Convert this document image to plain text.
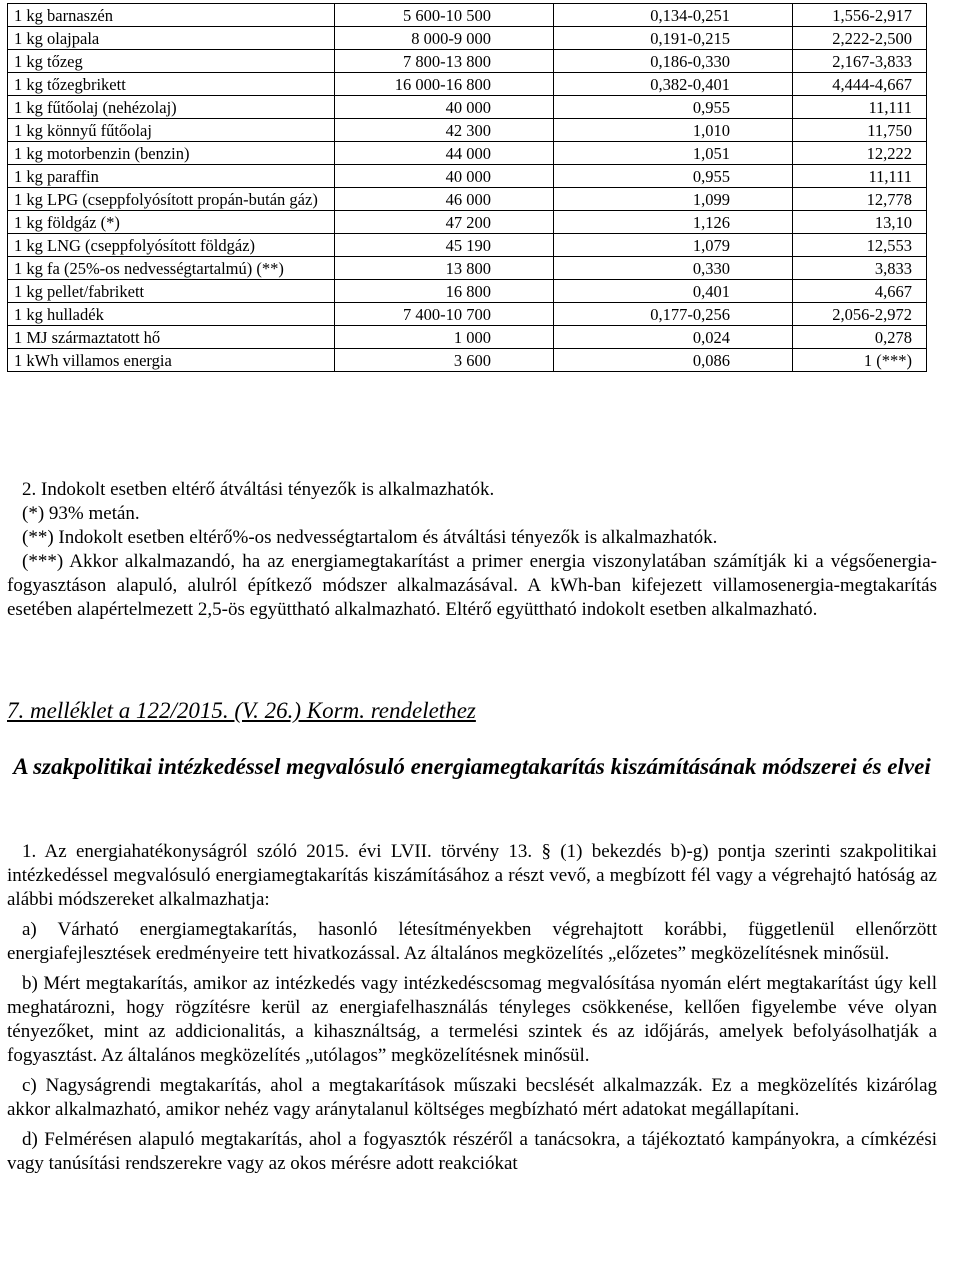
1 kg barnaszén	5 600-10 500	0,134-0,251	1,556-2,917
1 kg olajpala	8 000-9 000	0,191-0,215	2,222-2,500
1 kg tőzeg	7 800-13 800	0,186-0,330	2,167-3,833
1 kg tőzegbrikett	16 000-16 800	0,382-0,401	4,444-4,667
1 kg fűtőolaj (nehézolaj)	40 000	0,955	11,111
1 kg könnyű fűtőolaj	42 300	1,010	11,750
1 kg motorbenzin (benzin)	44 000	1,051	12,222
1 kg paraffin	40 000	0,955	11,111
1 kg LPG (cseppfolyósított propán-bután gáz)	46 000	1,099	12,778
1 kg földgáz (*)	47 200	1,126	13,10
1 kg LNG (cseppfolyósított földgáz)	45 190	1,079	12,553
1 kg fa (25%-os nedvességtartalmú) (**)	13 800	0,330	3,833
1 kg pellet/fabrikett	16 800	0,401	4,667
1 kg hulladék	7 400-10 700	0,177-0,256	2,056-2,972
1 MJ származtatott hő	1 000	0,024	0,278
1 kWh villamos energia	3 600	0,086	1 (***)

2. Indokolt esetben eltérő átváltási tényezők is alkalmazhatók.

(*) 93% metán.

(**) Indokolt esetben eltérő%-os nedvességtartalom és átváltási tényezők is alkalmazhatók.

(***) Akkor alkalmazandó, ha az energiamegtakarítást a primer energia viszonylatában számítják ki a végsőenergia- fogyasztáson alapuló, alulról építkező módszer alkalmazásával. A kWh-ban kifejezett villamosenergia-megtakarítás esetében alapértelmezett 2,5-ös együttható alkalmazható. Eltérő együttható indokolt esetben alkalmazható.

7. melléklet a 122/2015. (V. 26.) Korm. rendelethez
A szakpolitikai intézkedéssel megvalósuló energiamegtakarítás kiszámításának módszerei és elvei

1. Az energiahatékonyságról szóló 2015. évi LVII. törvény 13. § (1) bekezdés b)-g) pontja szerinti szakpolitikai intézkedéssel megvalósuló energiamegtakarítás kiszámításához a részt vevő, a megbízott fél vagy a végrehajtó hatóság az alábbi módszereket alkalmazhatja:

a) Várható energiamegtakarítás, hasonló létesítményekben végrehajtott korábbi, függetlenül ellenőrzött energiafejlesztések eredményeire tett hivatkozással. Az általános megközelítés „előzetes” megközelítésnek minősül.

b) Mért megtakarítás, amikor az intézkedés vagy intézkedéscsomag megvalósítása nyomán elért megtakarítást úgy kell meghatározni, hogy rögzítésre kerül az energiafelhasználás tényleges csökkenése, kellően figyelembe véve olyan tényezőket, mint az addicionalitás, a kihasználtság, a termelési szintek és az időjárás, amelyek befolyásolhatják a fogyasztást. Az általános megközelítés „utólagos” megközelítésnek minősül.

c) Nagyságrendi megtakarítás, ahol a megtakarítások műszaki becslését alkalmazzák. Ez a megközelítés kizárólag akkor alkalmazható, amikor nehéz vagy aránytalanul költséges megbízható mért adatokat megállapítani.

d) Felmérésen alapuló megtakarítás, ahol a fogyasztók részéről a tanácsokra, a tájékoztató kampányokra, a címkézési vagy tanúsítási rendszerekre vagy az okos mérésre adott reakciókat
